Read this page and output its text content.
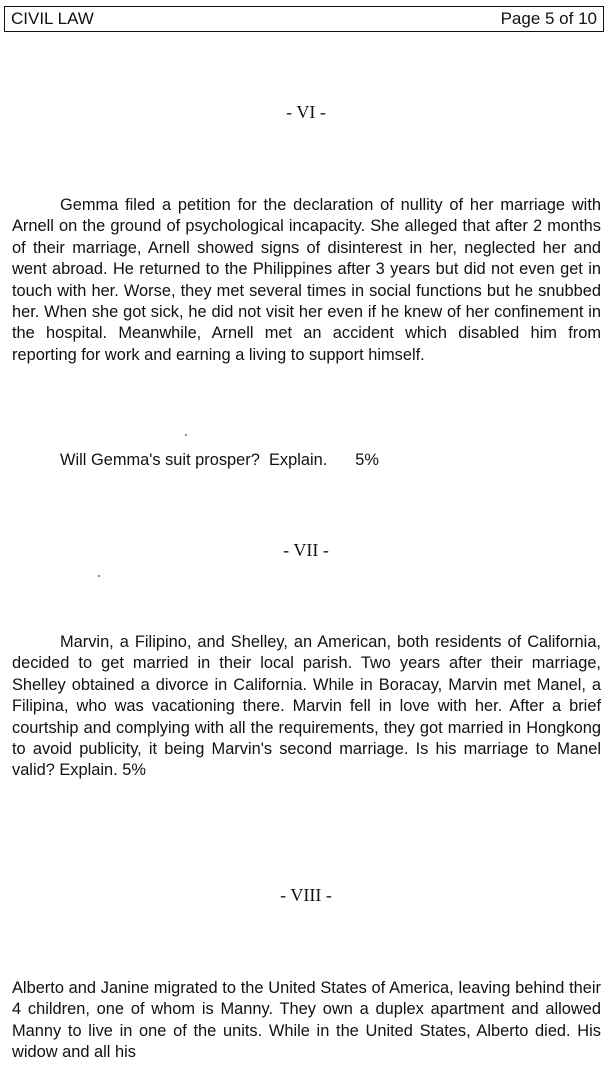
CIVIL LAW	Page 5 of 10
- VI -

Gemma filed a petition for the declaration of nullity of her marriage with Arnell on the ground of psychological incapacity. She alleged that after 2 months of their marriage, Arnell showed signs of disinterest in her, neglected her and went abroad. He returned to the Philippines after 3 years but did not even get in touch with her. Worse, they met several times in social functions but he snubbed her. When she got sick, he did not visit her even if he knew of her confinement in the hospital. Meanwhile, Arnell met an accident which disabled him from reporting for work and earning a living to support himself.

Will Gemma's suit prosper?  Explain. 5%
- VII -

Marvin, a Filipino, and Shelley, an American, both residents of California, decided to get married in their local parish. Two years after their marriage, Shelley obtained a divorce in California. While in Boracay, Marvin met Manel, a Filipina, who was vacationing there. Marvin fell in love with her. After a brief courtship and complying with all the requirements, they got married in Hongkong to avoid publicity, it being Marvin's second marriage. Is his marriage to Manel valid? Explain. 5%

- VIII -

Alberto and Janine migrated to the United States of America, leaving behind their 4 children, one of whom is Manny. They own a duplex apartment and allowed Manny to live in one of the units. While in the United States, Alberto died. His widow and all his
